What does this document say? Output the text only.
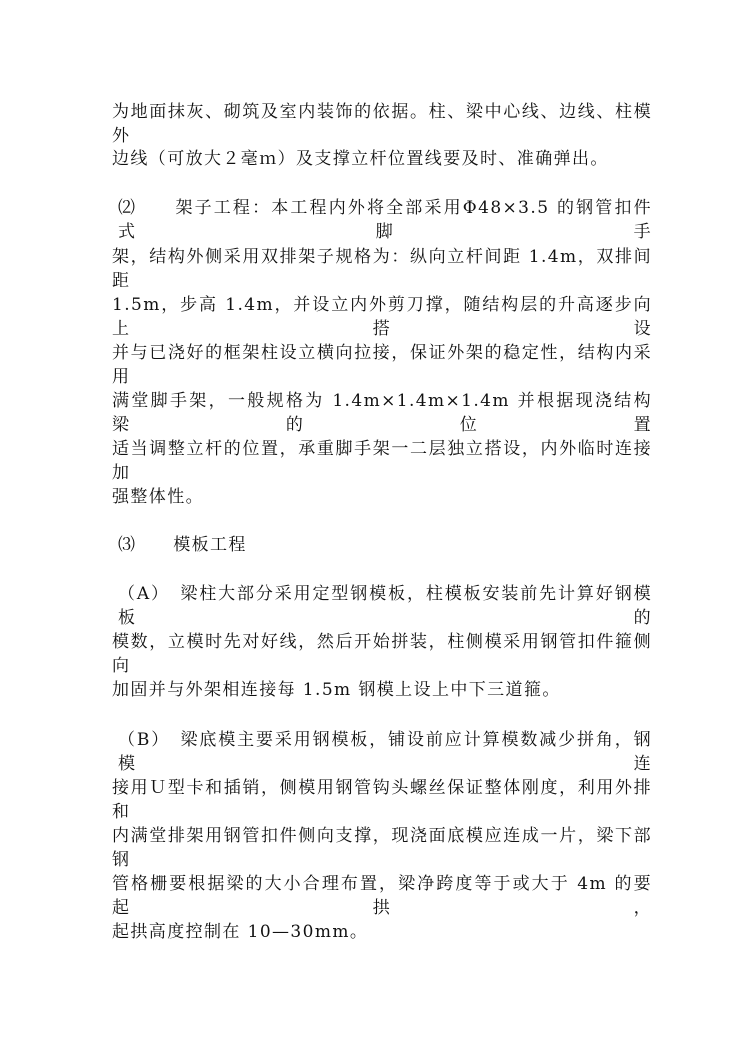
为地面抹灰、砌筑及室内装饰的依据。柱、梁中心线、边线、柱模外
边线（可放大２毫ｍ）及支撑立杆位置线要及时、准确弹出。
⑵　　架子工程：本工程内外将全部采用Φ48×3.5 的钢管扣件式脚手
架，结构外侧采用双排架子规格为：纵向立杆间距 1.4m，双排间距
1.5m，步高 1.4m，并设立内外剪刀撑，随结构层的升高逐步向上搭设
并与已浇好的框架柱设立横向拉接，保证外架的稳定性，结构内采用
满堂脚手架，一般规格为 1.4m×1.4m×1.4m 并根据现浇结构梁的位置
适当调整立杆的位置，承重脚手架一二层独立搭设，内外临时连接加
强整体性。
⑶　　模板工程
（A）　梁柱大部分采用定型钢模板，柱模板安装前先计算好钢模板的
模数，立模时先对好线，然后开始拼装，柱侧模采用钢管扣件箍侧向
加固并与外架相连接每 1.5m 钢模上设上中下三道箍。
（B）　梁底模主要采用钢模板，铺设前应计算模数减少拼角，钢模连
接用Ｕ型卡和插销，侧模用钢管钩头螺丝保证整体刚度，利用外排和
内满堂排架用钢管扣件侧向支撑，现浇面底模应连成一片，梁下部钢
管格栅要根据梁的大小合理布置，梁净跨度等于或大于 4m 的要起拱，
起拱高度控制在 10—30mm。
